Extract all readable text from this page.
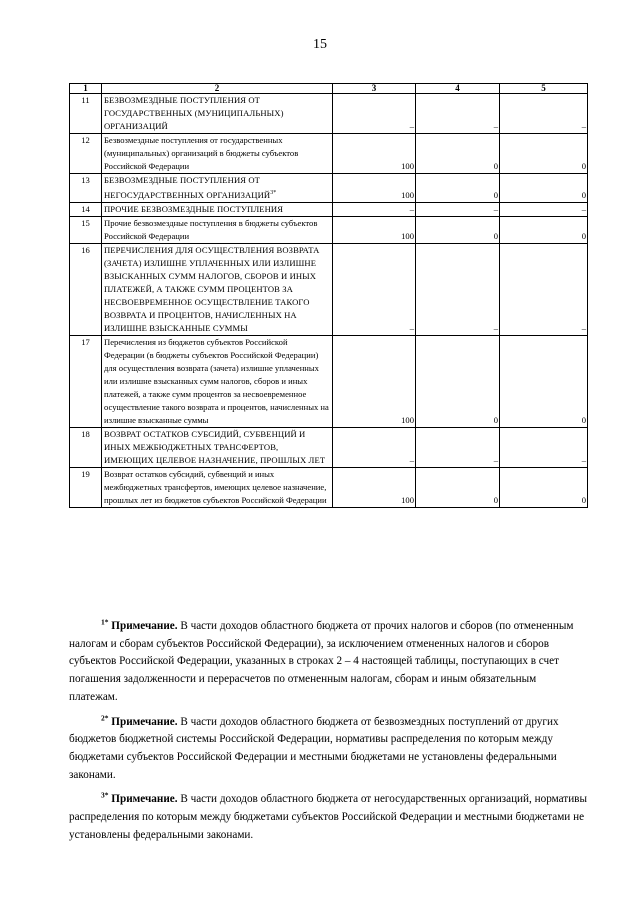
15
1	2	3	4	5
11	БЕЗВОЗМЕЗДНЫЕ ПОСТУПЛЕНИЯ ОТ ГОСУДАРСТВЕННЫХ (МУНИЦИПАЛЬНЫХ) ОРГАНИЗАЦИЙ	–	–	–
12	Безвозмездные поступления от государственных (муниципальных) организаций в бюджеты субъектов Российской Федерации	100	0	0
13	БЕЗВОЗМЕЗДНЫЕ ПОСТУПЛЕНИЯ ОТ НЕГОСУДАРСТВЕННЫХ $ОРГАНИЗАЦИЙ^{3*}$	100	0	0
14	ПРОЧИЕ БЕЗВОЗМЕЗДНЫЕ ПОСТУПЛЕНИЯ	–	–	–
15	Прочие безвозмездные поступления в бюджеты субъектов Российской Федерации	100	0	0
16	ПЕРЕЧИСЛЕНИЯ ДЛЯ ОСУЩЕСТВЛЕНИЯ ВОЗВРАТА (ЗАЧЕТА) ИЗЛИШНЕ УПЛАЧЕННЫХ ИЛИ ИЗЛИШНЕ ВЗЫСКАННЫХ СУММ НАЛОГОВ, СБОРОВ И ИНЫХ ПЛАТЕЖЕЙ, А ТАКЖЕ СУММ ПРОЦЕНТОВ ЗА НЕСВОЕВРЕМЕННОЕ ОСУЩЕСТВЛЕНИЕ ТАКОГО ВОЗВРАТА И ПРОЦЕНТОВ, НАЧИСЛЕННЫХ НА ИЗЛИШНЕ ВЗЫСКАННЫЕ СУММЫ	–	–	–
17	Перечисления из бюджетов субъектов Российской Федерации (в бюджеты субъектов Российской Федерации) для осуществления возврата (зачета) излишне уплаченных или излишне взысканных сумм налогов, сборов и иных платежей, а также сумм процентов за несвоевременное осуществление такого возврата и процентов, начисленных на излишне взысканные суммы	100	0	0
18	ВОЗВРАТ ОСТАТКОВ СУБСИДИЙ, СУБВЕНЦИЙ И ИНЫХ МЕЖБЮДЖЕТНЫХ ТРАНСФЕРТОВ, ИМЕЮЩИХ ЦЕЛЕВОЕ НАЗНАЧЕНИЕ, ПРОШЛЫХ ЛЕТ	–	–	–
19	Возврат остатков субсидий, субвенций и иных межбюджетных трансфертов, имеющих целевое назначение, прошлых лет из бюджетов субъектов Российской Федерации	100	0	0
$^{1*}$ Примечание. В части доходов областного бюджета от прочих налогов и сборов (по отмененным налогам и сборам субъектов Российской Федерации), за исключением отмененных налогов и сборов субъектов Российской Федерации, указанных в строках 2 – 4 настоящей таблицы, поступающих в счет погашения задолженности и перерасчетов по отмененным налогам, сборам и иным обязательным платежам.
$^{2*}$ Примечание. В части доходов областного бюджета от безвозмездных поступлений от других бюджетов бюджетной системы Российской Федерации, нормативы распределения по которым между бюджетами субъектов Российской Федерации и местными бюджетами не установлены федеральными законами.
$^{3*}$ Примечание. В части доходов областного бюджета от негосударственных организаций, нормативы распределения по которым между бюджетами субъектов Российской Федерации и местными бюджетами не установлены федеральными законами.
